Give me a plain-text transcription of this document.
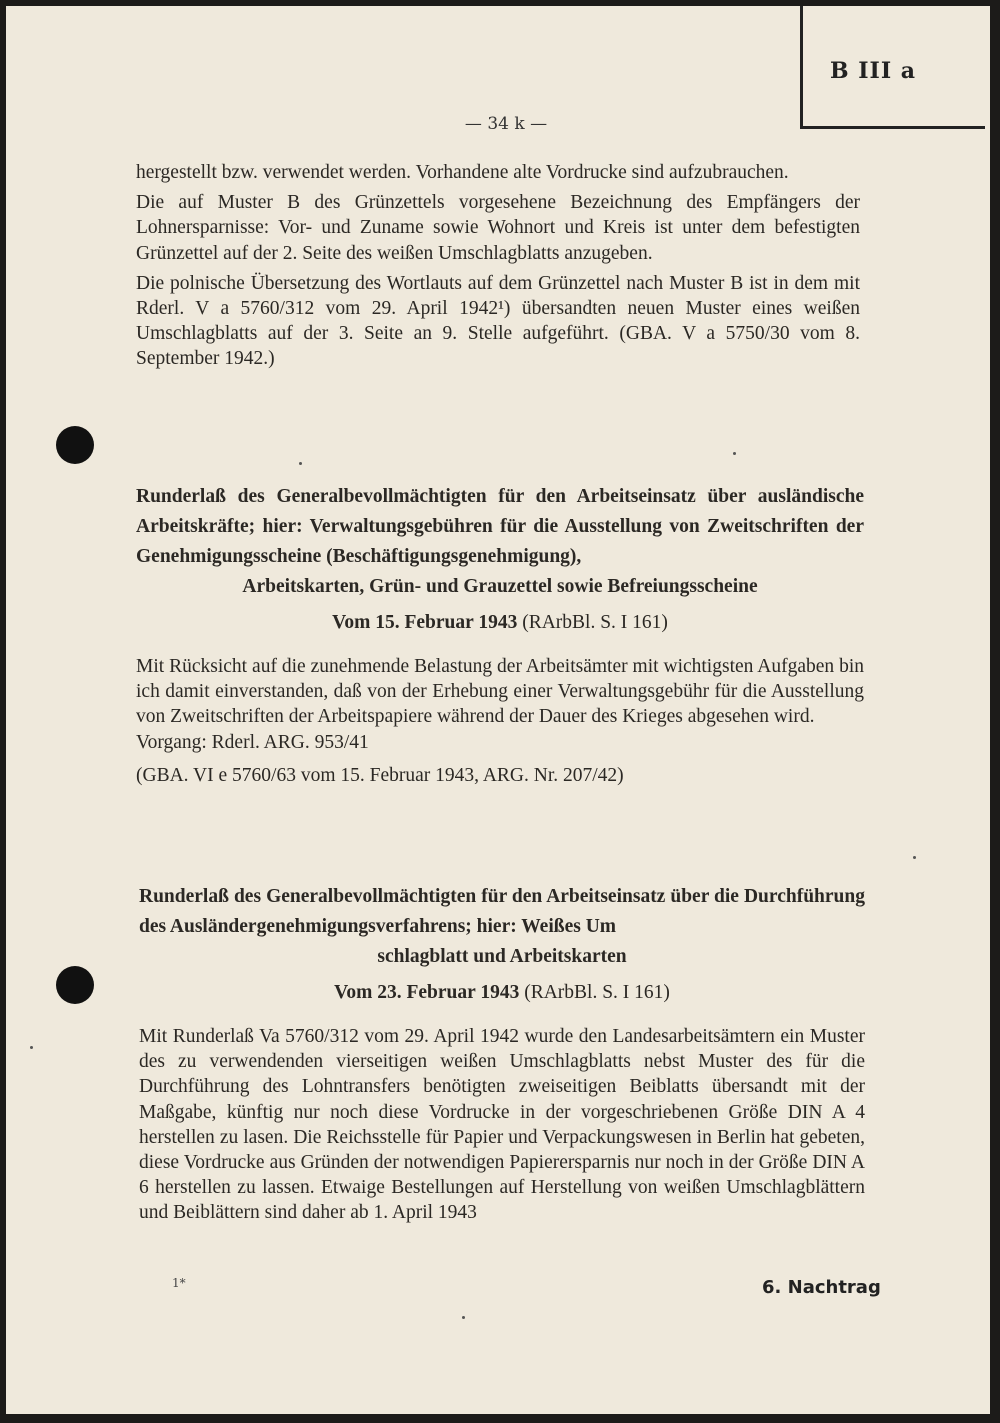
B III a
— 34 k —

hergestellt bzw. verwendet werden. Vorhandene alte Vordrucke sind aufzubrauchen.

Die auf Muster B des Grünzettels vorgesehene Bezeichnung des Empfängers der Lohnersparnisse: Vor- und Zuname sowie Wohnort und Kreis ist unter dem befestigten Grünzettel auf der 2. Seite des weißen Umschlagblatts anzugeben.

Die polnische Übersetzung des Wortlauts auf dem Grünzettel nach Muster B ist in dem mit Rderl. V a 5760/312 vom 29. April 1942¹) übersandten neuen Muster eines weißen Umschlagblatts auf der 3. Seite an 9. Stelle aufgeführt. (GBA. V a 5750/30 vom 8. September 1942.)

Runderlaß des Generalbevollmächtigten für den Arbeitseinsatz über ausländische Arbeitskräfte; hier: Verwaltungsgebühren für die Ausstellung von Zweitschriften der Genehmigungsscheine (Beschäftigungsgenehmigung),
Arbeitskarten, Grün- und Grauzettel sowie Befreiungsscheine
Vom 15. Februar 1943 (RArbBl. S. I 161)

Mit Rücksicht auf die zunehmende Belastung der Arbeitsämter mit wichtigsten Aufgaben bin ich damit einverstanden, daß von der Erhebung einer Verwaltungsgebühr für die Ausstellung von Zweitschriften der Arbeitspapiere während der Dauer des Krieges abgesehen wird.

Vorgang: Rderl. ARG. 953/41

(GBA. VI e 5760/63 vom 15. Februar 1943, ARG. Nr. 207/42)

Runderlaß des Generalbevollmächtigten für den Arbeitseinsatz über die Durchführung des Ausländergenehmigungsverfahrens; hier: Weißes Um
schlagblatt und Arbeitskarten
Vom 23. Februar 1943 (RArbBl. S. I 161)

Mit Runderlaß Va 5760/312 vom 29. April 1942 wurde den Landesarbeitsämtern ein Muster des zu verwendenden vierseitigen weißen Umschlagblatts nebst Muster des für die Durchführung des Lohntransfers benötigten zweiseitigen Beiblatts übersandt mit der Maßgabe, künftig nur noch diese Vordrucke in der vorgeschriebenen Größe DIN A 4 herstellen zu lasen. Die Reichsstelle für Papier und Verpackungswesen in Berlin hat gebeten, diese Vordrucke aus Gründen der notwendigen Papierersparnis nur noch in der Größe DIN A 6 herstellen zu lassen. Etwaige Bestellungen auf Herstellung von weißen Umschlagblättern und Beiblättern sind daher ab 1. April 1943

1*	6. Nachtrag
